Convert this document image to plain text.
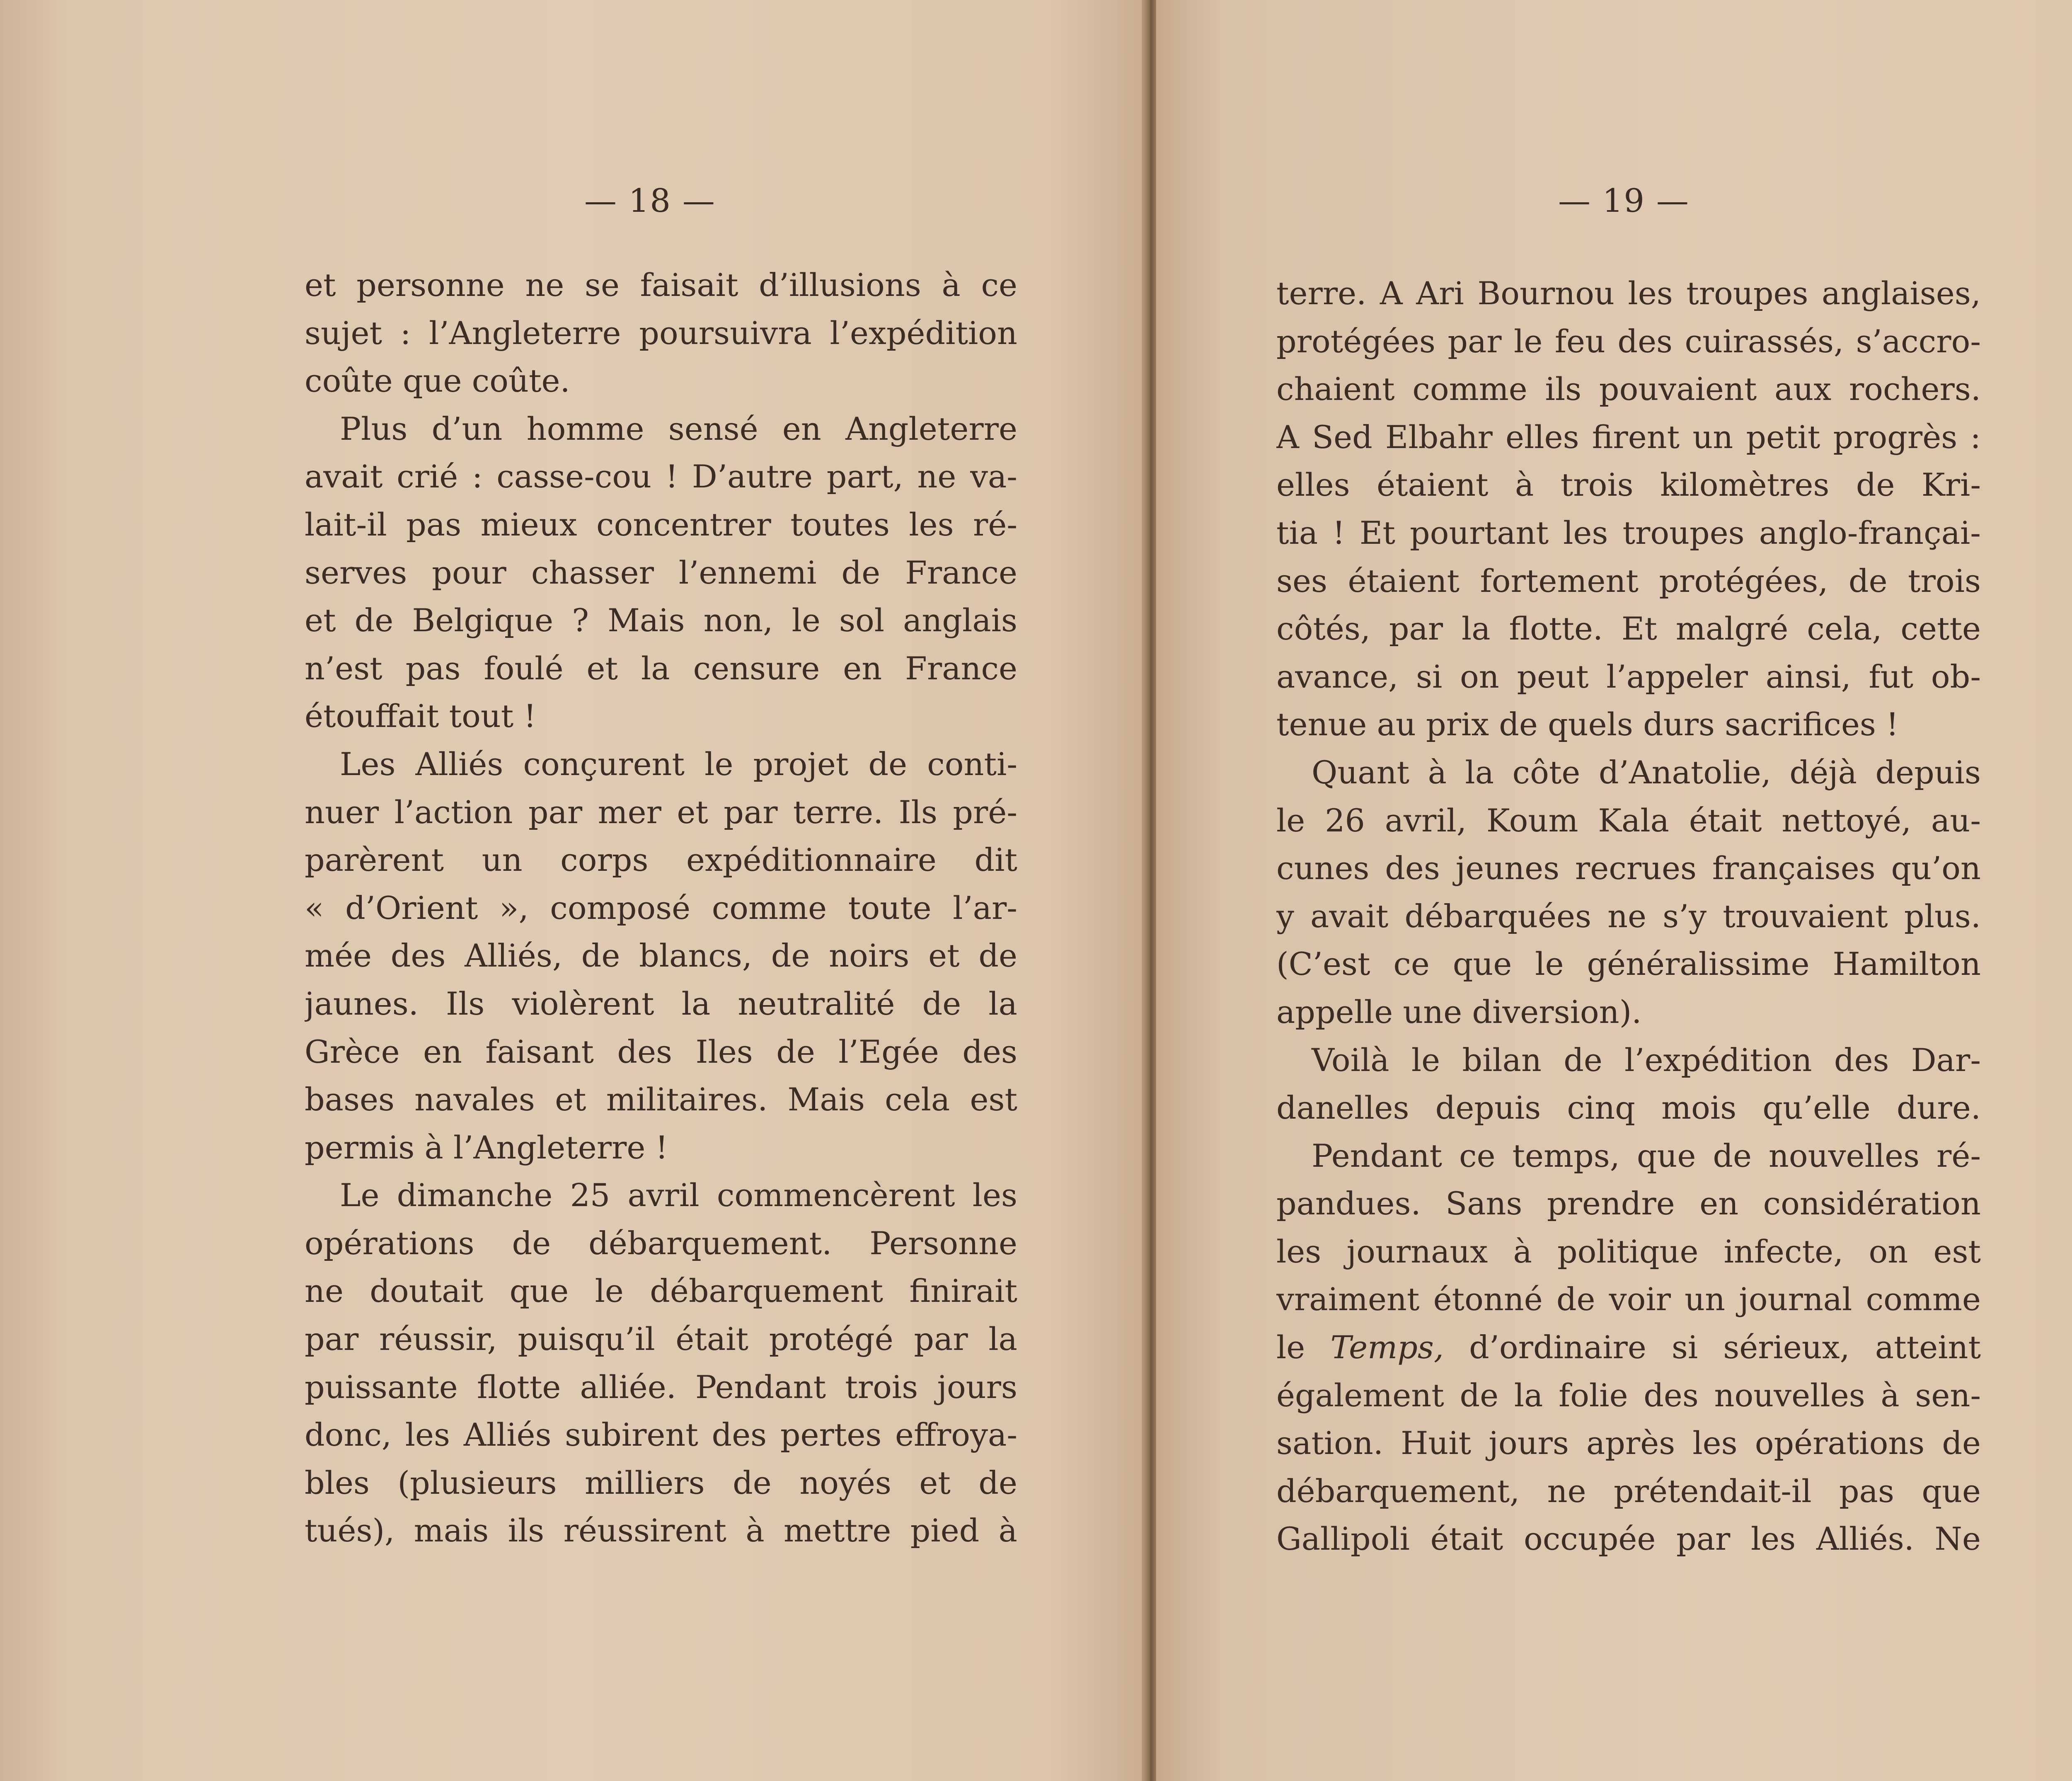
— 18 —

et personne ne se faisait d’illusions à ce
sujet : l’Angleterre poursuivra l’expédition
coûte que coûte.
Plus d’un homme sensé en Angleterre
avait crié : casse-cou ! D’autre part, ne va-
lait-il pas mieux concentrer toutes les ré-
serves pour chasser l’ennemi de France
et de Belgique ? Mais non, le sol anglais
n’est pas foulé et la censure en France
étouffait tout !
Les Alliés conçurent le projet de conti-
nuer l’action par mer et par terre. Ils pré-
parèrent un corps expéditionnaire dit
« d’Orient », composé comme toute l’ar-
mée des Alliés, de blancs, de noirs et de
jaunes. Ils violèrent la neutralité de la
Grèce en faisant des Iles de l’Egée des
bases navales et militaires. Mais cela est
permis à l’Angleterre !
Le dimanche 25 avril commencèrent les
opérations de débarquement. Personne
ne doutait que le débarquement finirait
par réussir, puisqu’il était protégé par la
puissante flotte alliée. Pendant trois jours
donc, les Alliés subirent des pertes effroya-
bles (plusieurs milliers de noyés et de
tués), mais ils réussirent à mettre pied à

— 19 —

terre. A Ari Bournou les troupes anglaises,
protégées par le feu des cuirassés, s’accro-
chaient comme ils pouvaient aux rochers.
A Sed Elbahr elles firent un petit progrès :
elles étaient à trois kilomètres de Kri-
tia ! Et pourtant les troupes anglo-françai-
ses étaient fortement protégées, de trois
côtés, par la flotte. Et malgré cela, cette
avance, si on peut l’appeler ainsi, fut ob-
tenue au prix de quels durs sacrifices !
Quant à la côte d’Anatolie, déjà depuis
le 26 avril, Koum Kala était nettoyé, au-
cunes des jeunes recrues françaises qu’on
y avait débarquées ne s’y trouvaient plus.
(C’est ce que le généralissime Hamilton
appelle une diversion).
Voilà le bilan de l’expédition des Dar-
danelles depuis cinq mois qu’elle dure.
Pendant ce temps, que de nouvelles ré-
pandues. Sans prendre en considération
les journaux à politique infecte, on est
vraiment étonné de voir un journal comme
le Temps, d’ordinaire si sérieux, atteint
également de la folie des nouvelles à sen-
sation. Huit jours après les opérations de
débarquement, ne prétendait-il pas que
Gallipoli était occupée par les Alliés. Ne
